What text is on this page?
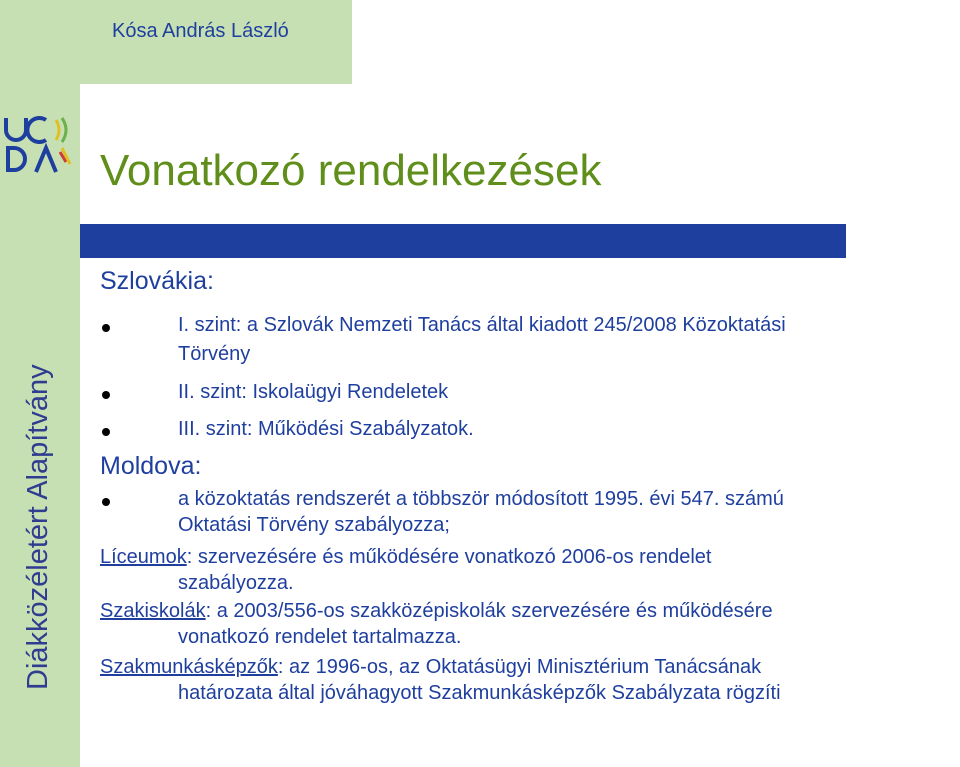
Kósa András László
Diákközéletért Alapítvány
Vonatkozó rendelkezések
Szlovákia:
I. szint: a Szlovák Nemzeti Tanács által kiadott 245/2008 Közoktatási
Törvény
II. szint: Iskolaügyi Rendeletek
III. szint: Működési Szabályzatok.
Moldova:
a közoktatás rendszerét a többször módosított 1995. évi 547. számú
Oktatási Törvény szabályozza;
Líceumok: szervezésére és működésére vonatkozó 2006-os rendelet
szabályozza.
Szakiskolák: a 2003/556-os szakközépiskolák szervezésére és működésére
vonatkozó rendelet tartalmazza.
Szakmunkásképzők: az 1996-os, az Oktatásügyi Minisztérium Tanácsának
határozata által jóváhagyott Szakmunkásképzők Szabályzata rögzíti
